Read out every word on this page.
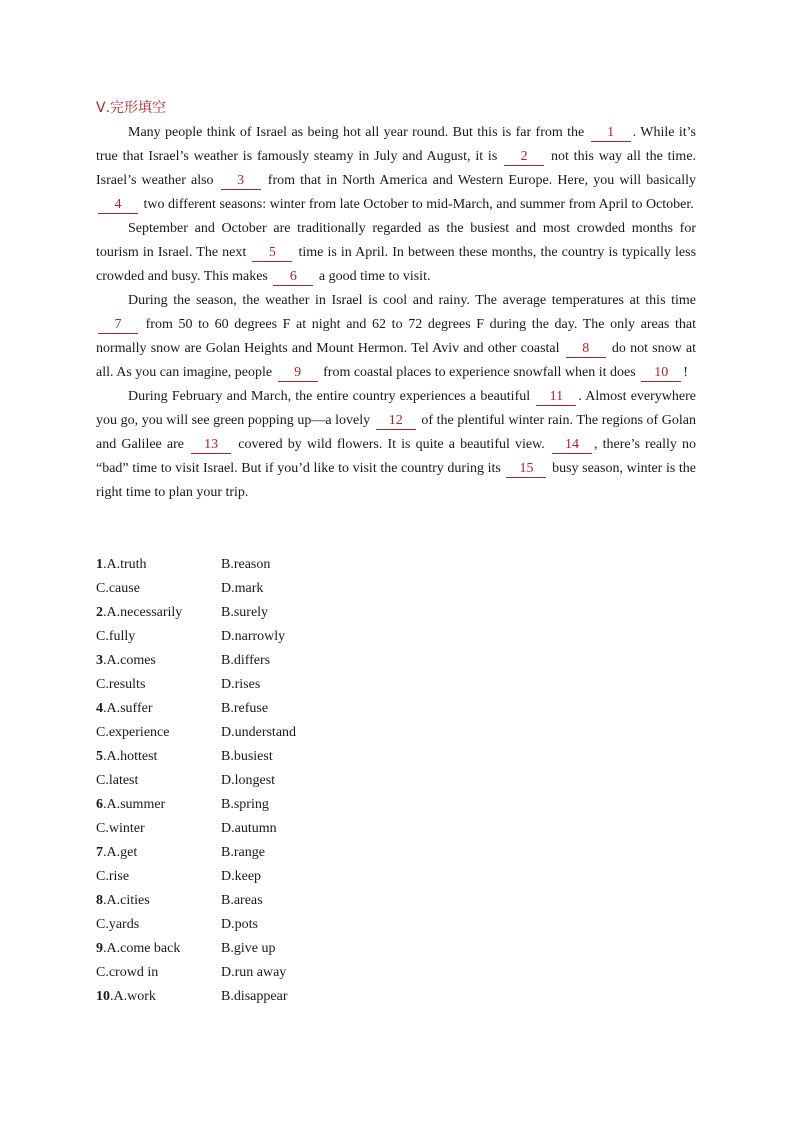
Ⅴ.完形填空

Many people think of Israel as being hot all year round. But this is far from the 1 . While it’s true that Israel’s weather is famously steamy in July and August, it is 2 not this way all the time. Israel’s weather also 3 from that in North America and Western Europe. Here, you will basically 4 two different seasons: winter from late October to mid-March, and summer from April to October.

September and October are traditionally regarded as the busiest and most crowded months for tourism in Israel. The next 5 time is in April. In between these months, the country is typically less crowded and busy. This makes 6 a good time to visit.

During the season, the weather in Israel is cool and rainy. The average temperatures at this time 7 from 50 to 60 degrees F at night and 62 to 72 degrees F during the day. The only areas that normally snow are Golan Heights and Mount Hermon. Tel Aviv and other coastal 8 do not snow at all. As you can imagine, people 9 from coastal places to experience snowfall when it does 10 !

During February and March, the entire country experiences a beautiful 11 . Almost everywhere you go, you will see green popping up—a lovely 12 of the plentiful winter rain. The regions of Golan and Galilee are 13 covered by wild flowers. It is quite a beautiful view. 14 , there’s really no “bad” time to visit Israel. But if you’d like to visit the country during its 15 busy season, winter is the right time to plan your trip.

1.A.truth	B.reason
C.cause	D.mark
2.A.necessarily	B.surely
C.fully	D.narrowly
3.A.comes	B.differs
C.results	D.rises
4.A.suffer	B.refuse
C.experience	D.understand
5.A.hottest	B.busiest
C.latest	D.longest
6.A.summer	B.spring
C.winter	D.autumn
7.A.get	B.range
C.rise	D.keep
8.A.cities	B.areas
C.yards	D.pots
9.A.come back	B.give up
C.crowd in	D.run away
10.A.work	B.disappear
